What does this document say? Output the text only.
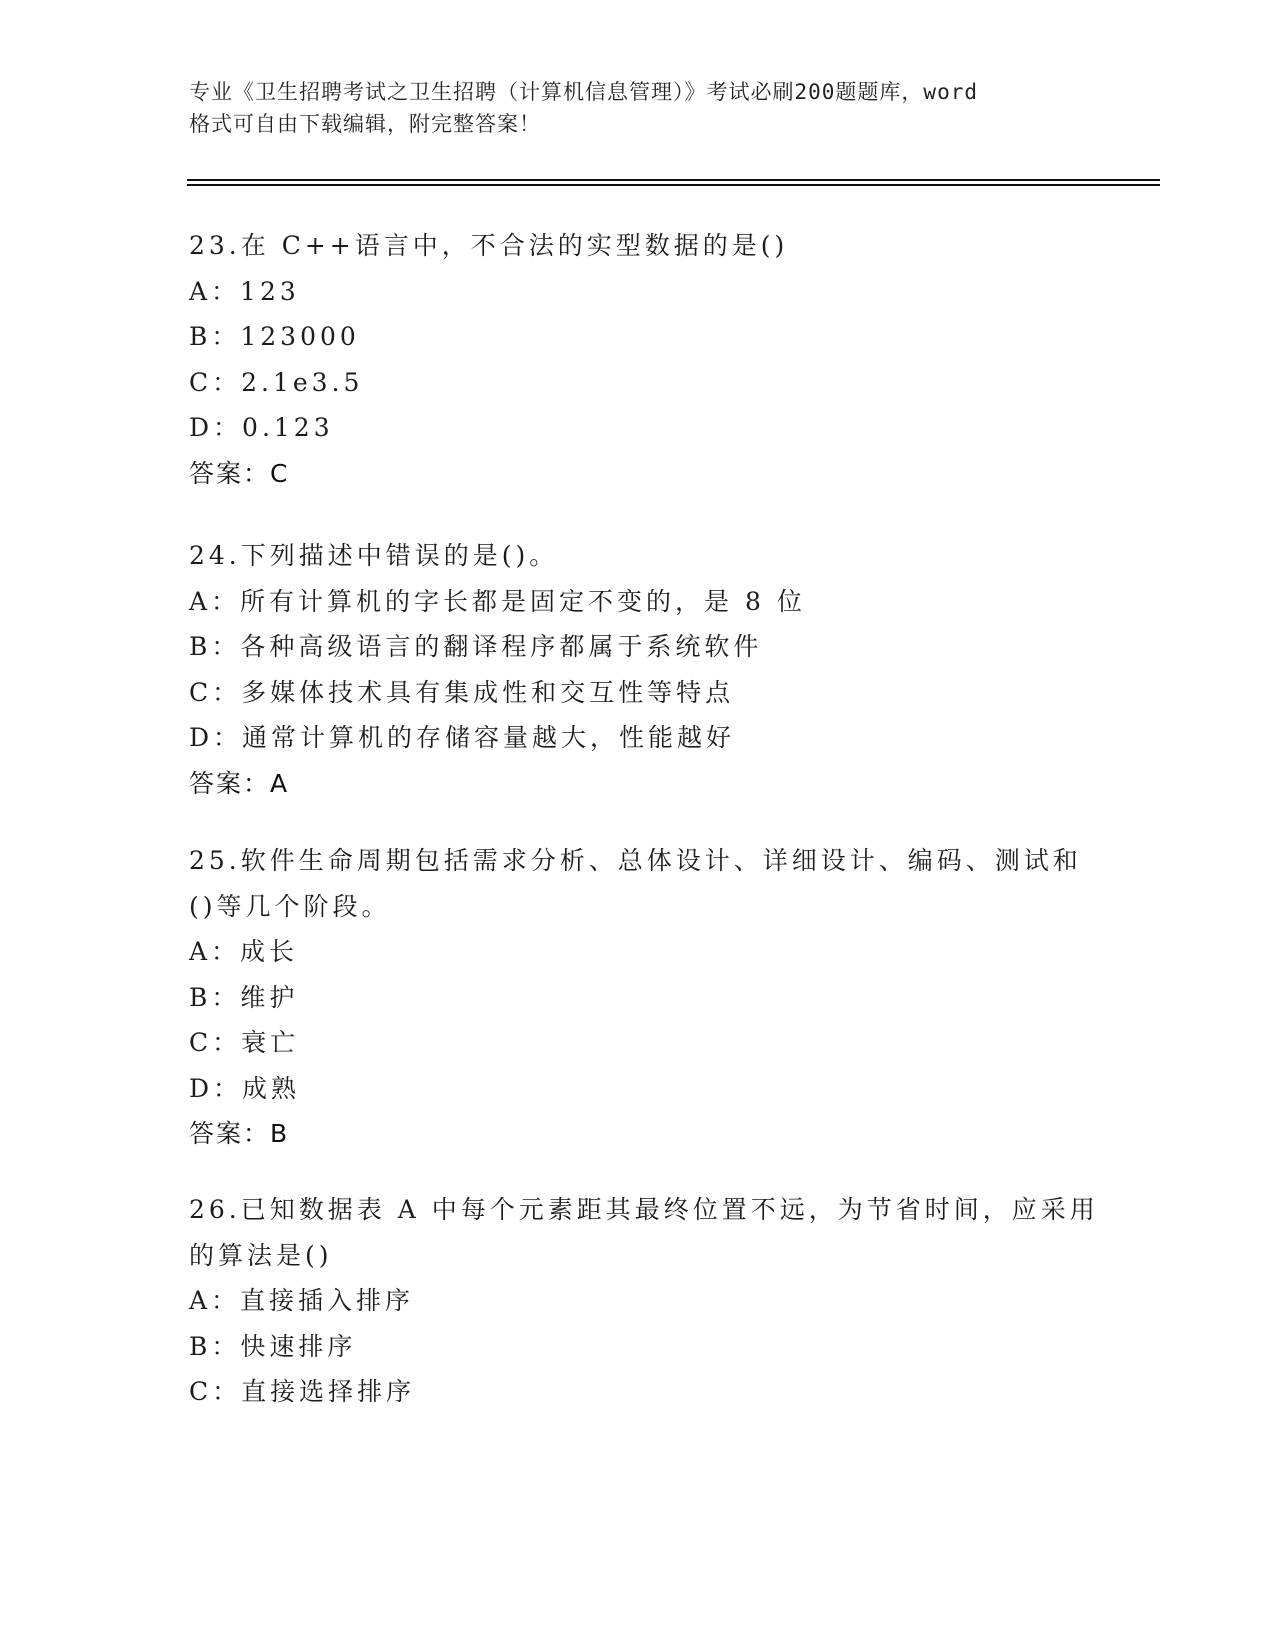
专业《卫生招聘考试之卫生招聘（计算机信息管理）》考试必刷200题题库，word
格式可自由下载编辑，附完整答案！
23.在 C++语言中，不合法的实型数据的是()
A：123
B：123000
C：2.1e3.5
D：0.123
答案：C
24.下列描述中错误的是()。
A：所有计算机的字长都是固定不变的，是 8 位
B：各种高级语言的翻译程序都属于系统软件
C：多媒体技术具有集成性和交互性等特点
D：通常计算机的存储容量越大，性能越好
答案：A
25.软件生命周期包括需求分析、总体设计、详细设计、编码、测试和
()等几个阶段。
A：成长
B：维护
C：衰亡
D：成熟
答案：B
26.已知数据表 A 中每个元素距其最终位置不远，为节省时间，应采用
的算法是()
A：直接插入排序
B：快速排序
C：直接选择排序
